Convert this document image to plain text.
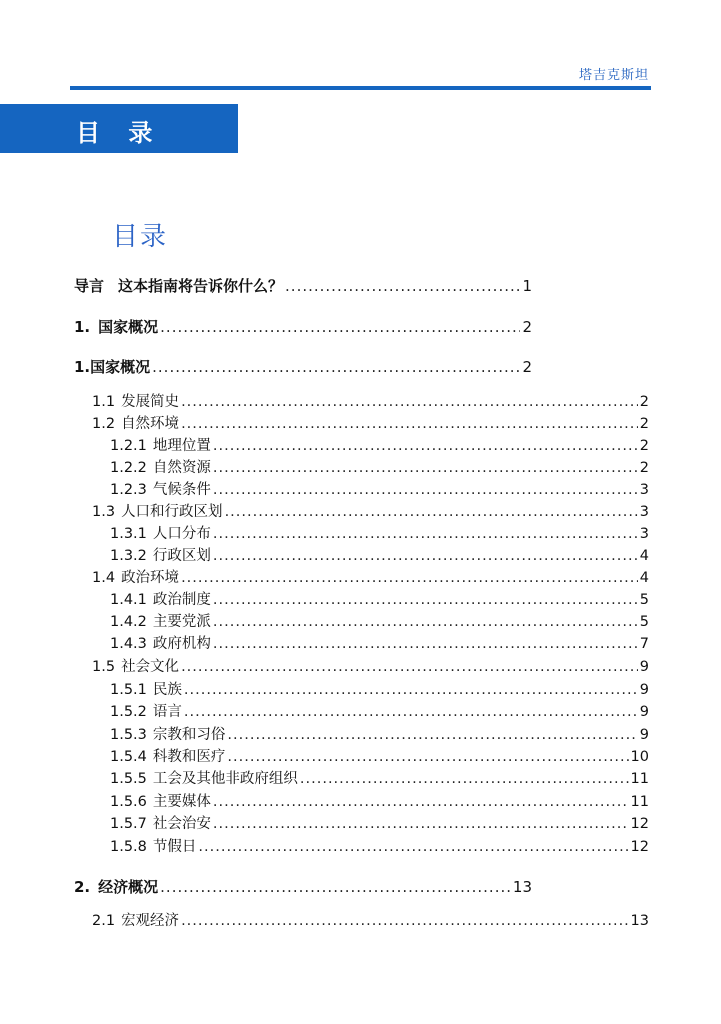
塔吉克斯坦
目 录
目录
导言 这本指南将告诉你什么？ .....	1
1. 国家概况 .....	2
1.国家概况 .....	2
1.1 发展简史 .....	2
1.2 自然环境 .....	2
1.2.1 地理位置 .....	2
1.2.2 自然资源 .....	2
1.2.3 气候条件 .....	3
1.3 人口和行政区划 .....	3
1.3.1 人口分布 .....	3
1.3.2 行政区划 .....	4
1.4 政治环境 .....	4
1.4.1 政治制度 .....	5
1.4.2 主要党派 .....	5
1.4.3 政府机构 .....	7
1.5 社会文化 .....	9
1.5.1 民族 .....	9
1.5.2 语言 .....	9
1.5.3 宗教和习俗 .....	9
1.5.4 科教和医疗 .....	10
1.5.5 工会及其他非政府组织 .....	11
1.5.6 主要媒体 .....	11
1.5.7 社会治安 .....	12
1.5.8 节假日 .....	12
2. 经济概况 .....	13
2.1 宏观经济 .....	13
